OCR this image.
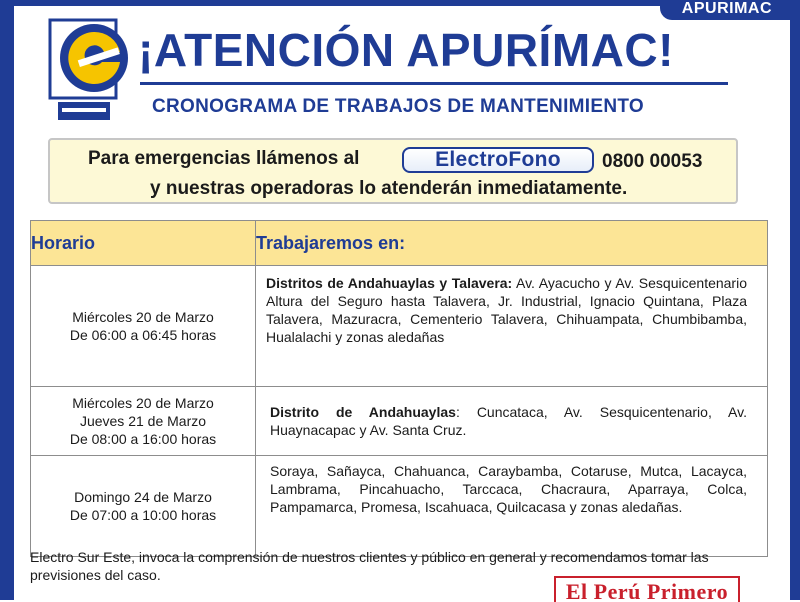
APURIMAC
¡ATENCIÓN APURÍMAC!
CRONOGRAMA DE TRABAJOS DE MANTENIMIENTO
Para emergencias llámenos al	ElectroFono	0800 00053
y nuestras operadoras lo atenderán inmediatamente.
Horario	Trabajaremos en:

Miércoles 20 de Marzo
De 06:00 a 06:45 horas	Distritos de Andahuaylas y Talavera: Av. Ayacucho y Av. Sesquicentenario Altura del Seguro hasta Talavera, Jr. Industrial, Ignacio Quintana, Plaza Talavera, Mazuracra, Cementerio Talavera, Chihuampata, Chumbibamba, Hualalachi y zonas aledañas

Miércoles 20 de Marzo
Jueves 21 de Marzo
De 08:00 a 16:00 horas	Distrito de Andahuaylas: Cuncataca, Av. Sesquicentenario, Av. Huaynacapac y Av. Santa Cruz.

Domingo 24 de Marzo
De 07:00 a 10:00 horas	Soraya, Sañayca, Chahuanca, Caraybamba, Cotaruse, Mutca, Lacayca, Lambrama, Pincahuacho, Tarccaca, Chacraura, Aparraya, Colca, Pampamarca, Promesa, Iscahuaca, Quilcacasa y zonas aledañas.
Electro Sur Este, invoca la comprensión de nuestros clientes y público en general y recomendamos tomar las previsiones del caso.
El Perú Primero
